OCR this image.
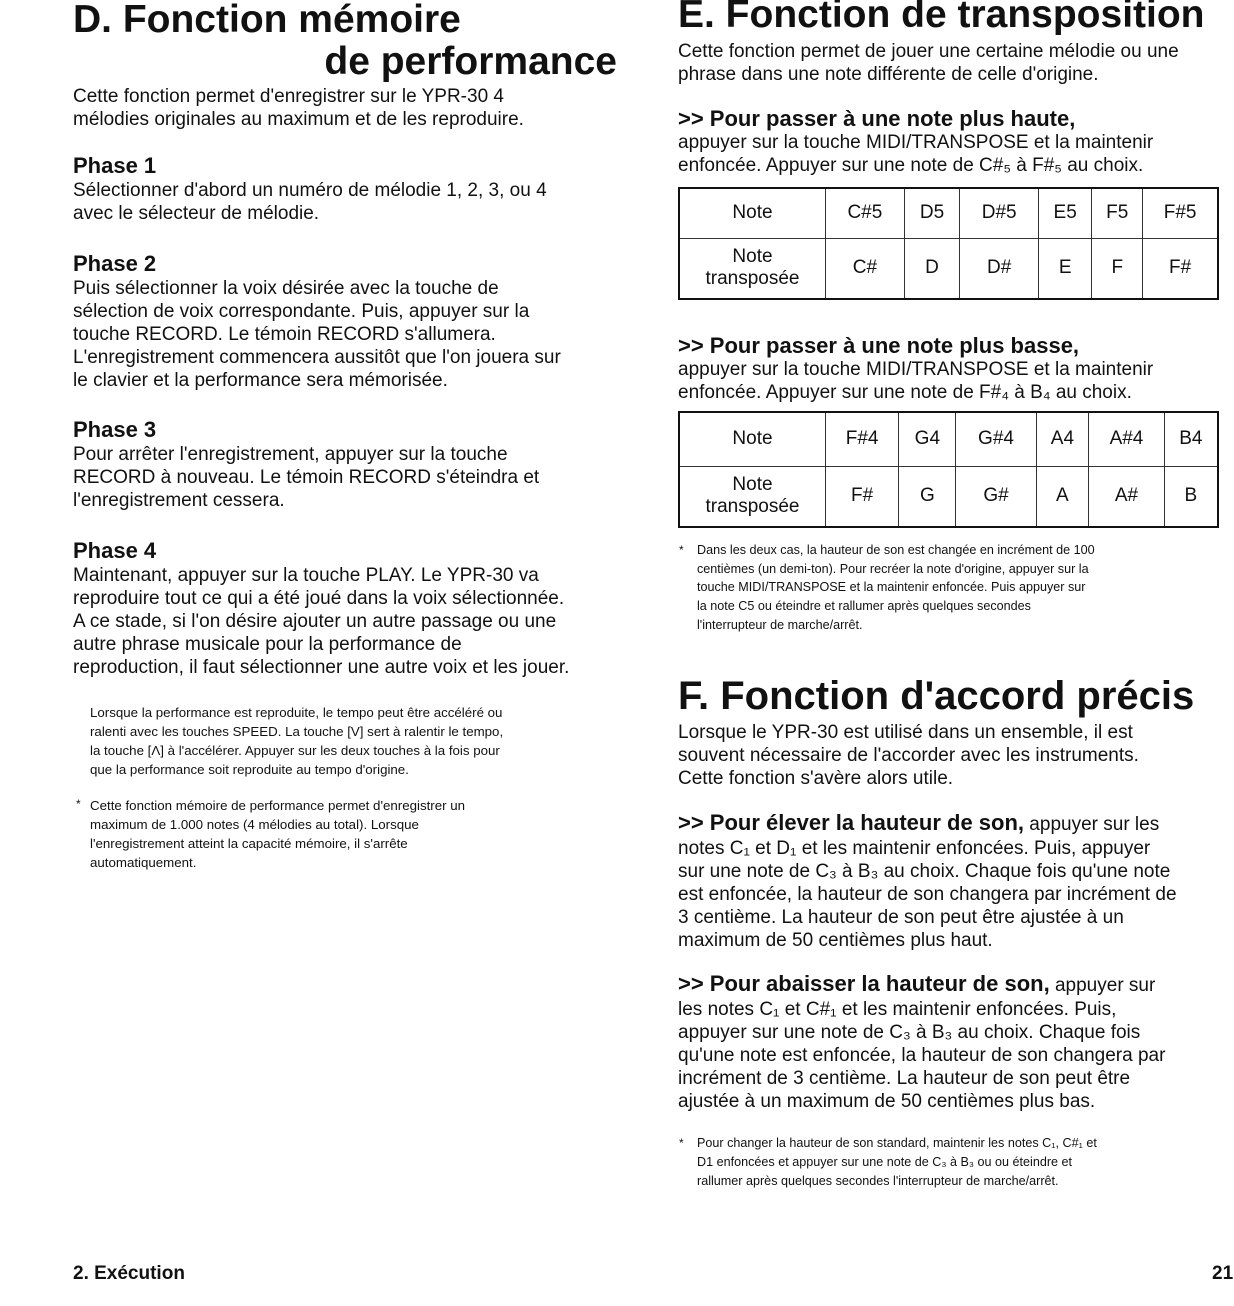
D. Fonction mémoire
de performance
Cette fonction permet d'enregistrer sur le YPR-30 4
mélodies originales au maximum et de les reproduire.
Phase 1
Sélectionner d'abord un numéro de mélodie 1, 2, 3, ou 4
avec le sélecteur de mélodie.
Phase 2
Puis sélectionner la voix désirée avec la touche de
sélection de voix correspondante. Puis, appuyer sur la
touche RECORD. Le témoin RECORD s'allumera.
L'enregistrement commencera aussitôt que l'on jouera sur
le clavier et la performance sera mémorisée.
Phase 3
Pour arrêter l'enregistrement, appuyer sur la touche
RECORD à nouveau. Le témoin RECORD s'éteindra et
l'enregistrement cessera.
Phase 4
Maintenant, appuyer sur la touche PLAY. Le YPR-30 va
reproduire tout ce qui a été joué dans la voix sélectionnée.
A ce stade, si l'on désire ajouter un autre passage ou une
autre phrase musicale pour la performance de
reproduction, il faut sélectionner une autre voix et les jouer.
Lorsque la performance est reproduite, le tempo peut être accéléré ou
ralenti avec les touches SPEED. La touche [V] sert à ralentir le tempo,
la touche [Λ] à l'accélérer. Appuyer sur les deux touches à la fois pour
que la performance soit reproduite au tempo d'origine.
* Cette fonction mémoire de performance permet d'enregistrer un
maximum de 1.000 notes (4 mélodies au total). Lorsque
l'enregistrement atteint la capacité mémoire, il s'arrête
automatiquement.
E. Fonction de transposition
Cette fonction permet de jouer une certaine mélodie ou une
phrase dans une note différente de celle d'origine.
>> Pour passer à une note plus haute,
appuyer sur la touche MIDI/TRANSPOSE et la maintenir
enfoncée. Appuyer sur une note de C#₅ à F#₅ au choix.
Note	C#5	D5	D#5	E5	F5	F#5

Note
transposée	C#	D	D#	E	F	F#
>> Pour passer à une note plus basse,
appuyer sur la touche MIDI/TRANSPOSE et la maintenir
enfoncée. Appuyer sur une note de F#₄ à B₄ au choix.
Note	F#4	G4	G#4	A4	A#4	B4

Note
transposée	F#	G	G#	A	A#	B
* Dans les deux cas, la hauteur de son est changée en incrément de 100
centièmes (un demi-ton). Pour recréer la note d'origine, appuyer sur la
touche MIDI/TRANSPOSE et la maintenir enfoncée. Puis appuyer sur
la note C5 ou éteindre et rallumer après quelques secondes
l'interrupteur de marche/arrêt.
F. Fonction d'accord précis
Lorsque le YPR-30 est utilisé dans un ensemble, il est
souvent nécessaire de l'accorder avec les instruments.
Cette fonction s'avère alors utile.
>> Pour élever la hauteur de son, appuyer sur les
notes C₁ et D₁ et les maintenir enfoncées. Puis, appuyer
sur une note de C₃ à B₃ au choix. Chaque fois qu'une note
est enfoncée, la hauteur de son changera par incrément de
3 centième. La hauteur de son peut être ajustée à un
maximum de 50 centièmes plus haut.
>> Pour abaisser la hauteur de son, appuyer sur
les notes C₁ et C#₁ et les maintenir enfoncées. Puis,
appuyer sur une note de C₃ à B₃ au choix. Chaque fois
qu'une note est enfoncée, la hauteur de son changera par
incrément de 3 centième. La hauteur de son peut être
ajustée à un maximum de 50 centièmes plus bas.
* Pour changer la hauteur de son standard, maintenir les notes C₁, C#₁ et
D1 enfoncées et appuyer sur une note de C₃ à B₃ ou ou éteindre et
rallumer après quelques secondes l'interrupteur de marche/arrêt.
2. Exécution	21
